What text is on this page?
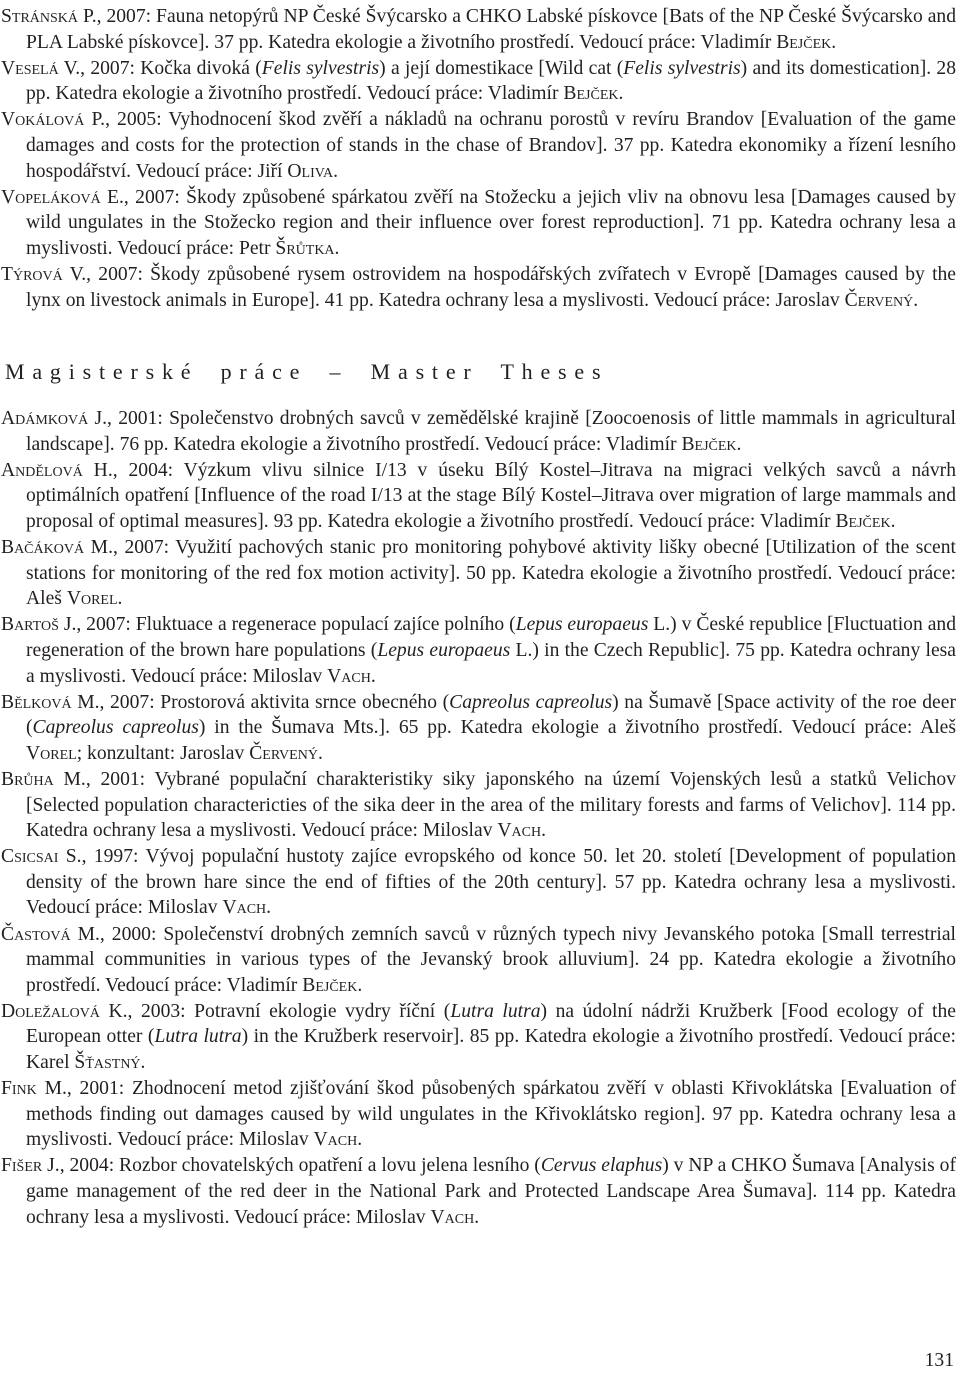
Stránská P., 2007: Fauna netopýrů NP České Švýcarsko a CHKO Labské pískovce [Bats of the NP České Švýcarsko and PLA Labské pískovce]. 37 pp. Katedra ekologie a životního prostředí. Vedoucí práce: Vladimír Bejček.

Veselá V., 2007: Kočka divoká (Felis sylvestris) a její domestikace [Wild cat (Felis sylvestris) and its domestication]. 28 pp. Katedra ekologie a životního prostředí. Vedoucí práce: Vladimír Bejček.

Vokálová P., 2005: Vyhodnocení škod zvěří a nákladů na ochranu porostů v revíru Brandov [Evaluation of the game damages and costs for the protection of stands in the chase of Brandov]. 37 pp. Katedra ekonomiky a řízení lesního hospodářství. Vedoucí práce: Jiří Oliva.

Vopeláková E., 2007: Škody způsobené spárkatou zvěří na Stožecku a jejich vliv na obnovu lesa [Damages caused by wild ungulates in the Stožecko region and their influence over forest reproduction]. 71 pp. Katedra ochrany lesa a myslivosti. Vedoucí práce: Petr Šrůtka.

Týrová V., 2007: Škody způsobené rysem ostrovidem na hospodářských zvířatech v Evropě [Damages caused by the lynx on livestock animals in Europe]. 41 pp. Katedra ochrany lesa a myslivosti. Vedoucí práce: Jaroslav Červený.

Magisterské práce – Master Theses

Adámková J., 2001: Společenstvo drobných savců v zemědělské krajině [Zoocoenosis of little mammals in agricultural landscape]. 76 pp. Katedra ekologie a životního prostředí. Vedoucí práce: Vladimír Bejček.

Andělová H., 2004: Výzkum vlivu silnice I/13 v úseku Bílý Kostel–Jitrava na migraci velkých savců a návrh optimálních opatření [Influence of the road I/13 at the stage Bílý Kostel–Jitrava over migration of large mammals and proposal of optimal measures]. 93 pp. Katedra ekologie a životního prostředí. Vedoucí práce: Vladimír Bejček.

Bačáková M., 2007: Využití pachových stanic pro monitoring pohybové aktivity lišky obecné [Utilization of the scent stations for monitoring of the red fox motion activity]. 50 pp. Katedra ekologie a životního prostředí. Vedoucí práce: Aleš Vorel.

Bartoš J., 2007: Fluktuace a regenerace populací zajíce polního (Lepus europaeus L.) v České republice [Fluctuation and regeneration of the brown hare populations (Lepus europaeus L.) in the Czech Republic]. 75 pp. Katedra ochrany lesa a myslivosti. Vedoucí práce: Miloslav Vach.

Bělková M., 2007: Prostorová aktivita srnce obecného (Capreolus capreolus) na Šumavě [Space activity of the roe deer (Capreolus capreolus) in the Šumava Mts.]. 65 pp. Katedra ekologie a životního prostředí. Vedoucí práce: Aleš Vorel; konzultant: Jaroslav Červený.

Brůha M., 2001: Vybrané populační charakteristiky siky japonského na území Vojenských lesů a statků Velichov [Selected population charactericties of the sika deer in the area of the military forests and farms of Velichov]. 114 pp. Katedra ochrany lesa a myslivosti. Vedoucí práce: Miloslav Vach.

Csicsai S., 1997: Vývoj populační hustoty zajíce evropského od konce 50. let 20. století [Development of population density of the brown hare since the end of fifties of the 20th century]. 57 pp. Katedra ochrany lesa a myslivosti. Vedoucí práce: Miloslav Vach.

Častová M., 2000: Společenství drobných zemních savců v různých typech nivy Jevanského potoka [Small terrestrial mammal communities in various types of the Jevanský brook alluvium]. 24 pp. Katedra ekologie a životního prostředí. Vedoucí práce: Vladimír Bejček.

Doležalová K., 2003: Potravní ekologie vydry říční (Lutra lutra) na údolní nádrži Kružberk [Food ecology of the European otter (Lutra lutra) in the Kružberk reservoir]. 85 pp. Katedra ekologie a životního prostředí. Vedoucí práce: Karel Šťastný.

Fink M., 2001: Zhodnocení metod zjišťování škod působených spárkatou zvěří v oblasti Křivoklátska [Evaluation of methods finding out damages caused by wild ungulates in the Křivoklátsko region]. 97 pp. Katedra ochrany lesa a myslivosti. Vedoucí práce: Miloslav Vach.

Fišer J., 2004: Rozbor chovatelských opatření a lovu jelena lesního (Cervus elaphus) v NP a CHKO Šumava [Analysis of game management of the red deer in the National Park and Protected Landscape Area Šumava]. 114 pp. Katedra ochrany lesa a myslivosti. Vedoucí práce: Miloslav Vach.

131
